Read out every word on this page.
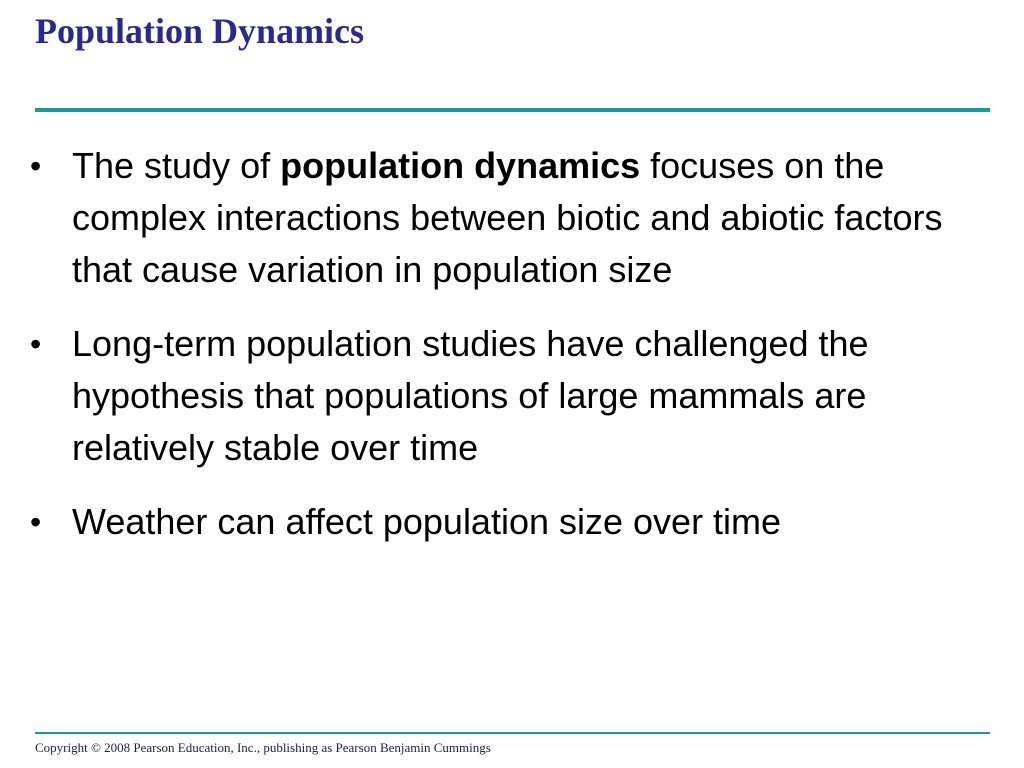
Population Dynamics
• The study of population dynamics focuses on the complex interactions between biotic and abiotic factors that cause variation in population size
• Long-term population studies have challenged the hypothesis that populations of large mammals are relatively stable over time
• Weather can affect population size over time
Copyright © 2008 Pearson Education, Inc., publishing as Pearson Benjamin Cummings
